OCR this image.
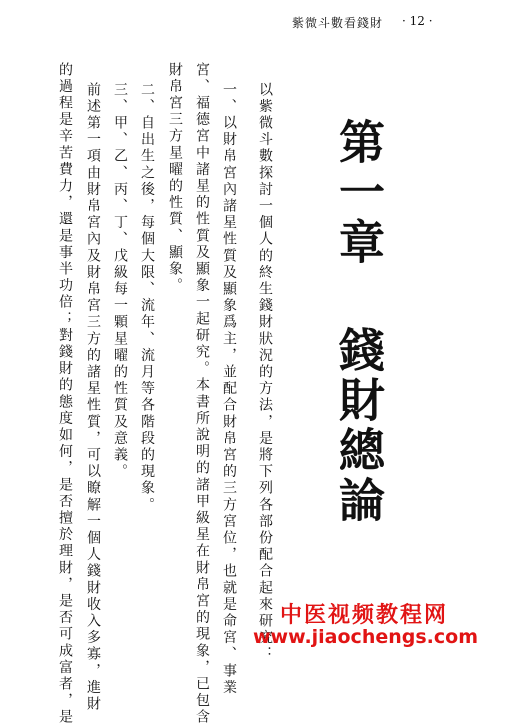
紫微斗數看錢財 · 12 ·
第一章 錢財總論
以紫微斗數探討一個人的終生錢財狀況的方法，是將下列各部份配合起來研究：
一、以財帛宮內諸星性質及顯象爲主，並配合財帛宮的三方宮位，也就是命宮、事業
宮、福德宮中諸星的性質及顯象一起研究。本書所說明的諸甲級星在財帛宮的現象，已包含
財帛宮三方星曜的性質、顯象。
二、自出生之後，每個大限、流年、流月等各階段的現象。
三、甲、乙、丙、丁、戊級每一顆星曜的性質及意義。
前述第一項由財帛宮內及財帛宮三方的諸星性質，可以瞭解一個人錢財收入多寡，進財
的過程是辛苦費力，還是事半功倍；對錢財的態度如何，是否擅於理財，是否可成富者，是	中医视频教程网
www.jiaochengs.com
